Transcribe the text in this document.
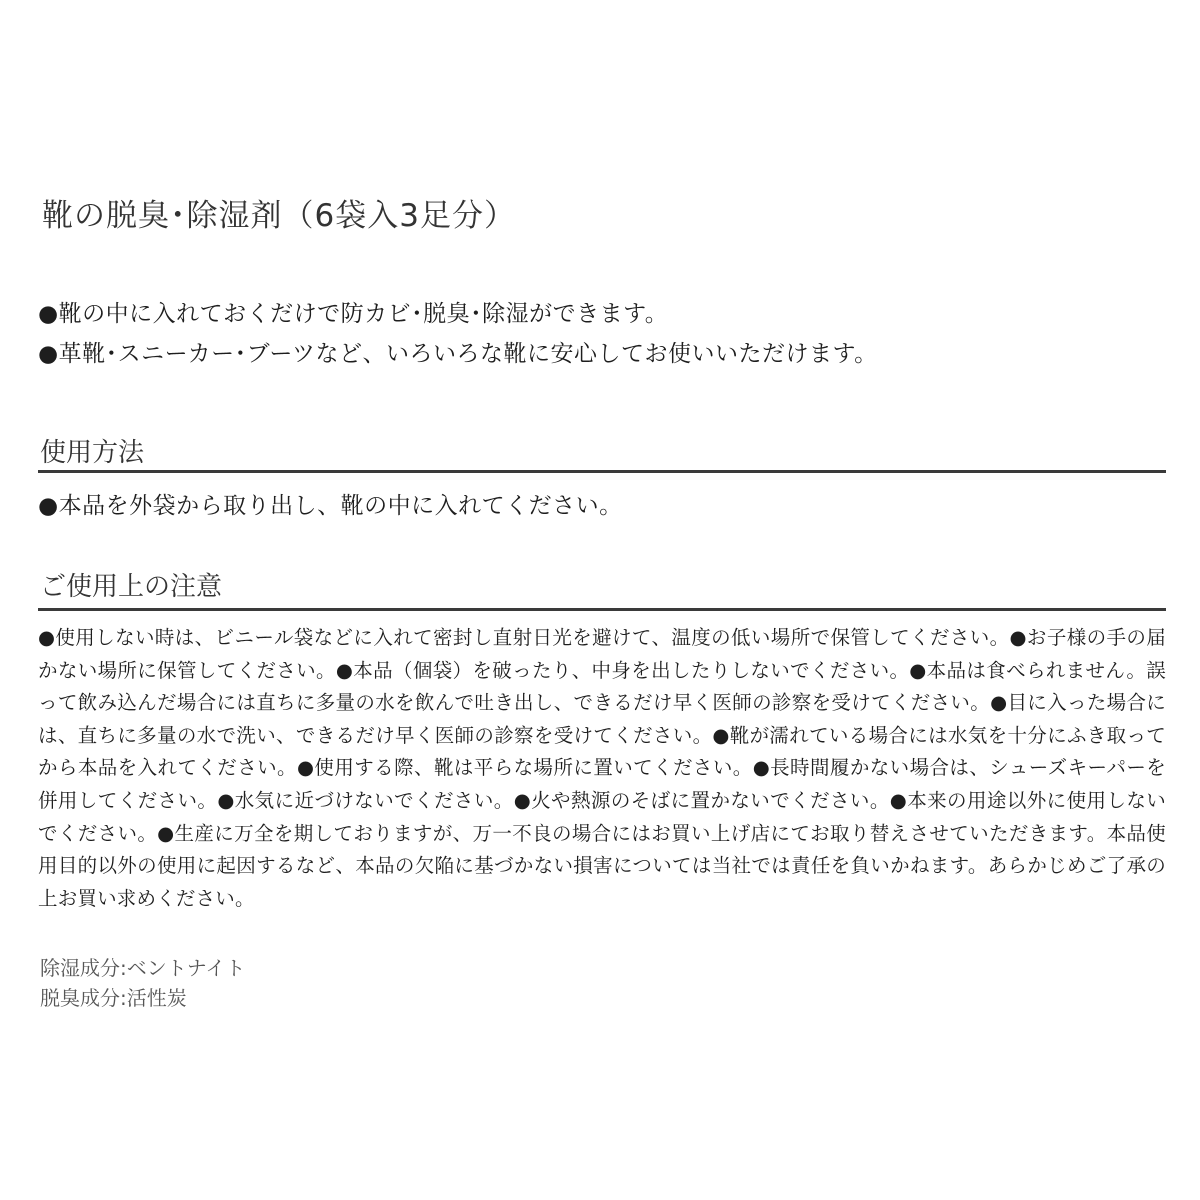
靴の脱臭･除湿剤（6袋入3足分）
●靴の中に入れておくだけで防カビ･脱臭･除湿ができます。
●革靴･スニーカー･ブーツなど、いろいろな靴に安心してお使いいただけます。
使用方法
●本品を外袋から取り出し、靴の中に入れてください。
ご使用上の注意
●使用しない時は、ビニール袋などに入れて密封し直射日光を避けて、温度の低い場所で保管してください。●お子様の手の届かない場所に保管してください。●本品（個袋）を破ったり、中身を出したりしないでください。●本品は食べられません。誤って飲み込んだ場合には直ちに多量の水を飲んで吐き出し、できるだけ早く医師の診察を受けてください。●目に入った場合には、直ちに多量の水で洗い、できるだけ早く医師の診察を受けてください。●靴が濡れている場合には水気を十分にふき取ってから本品を入れてください。●使用する際、靴は平らな場所に置いてください。●長時間履かない場合は、シューズキーパーを併用してください。●水気に近づけないでください。●火や熱源のそばに置かないでください。●本来の用途以外に使用しないでください。●生産に万全を期しておりますが、万一不良の場合にはお買い上げ店にてお取り替えさせていただきます。本品使用目的以外の使用に起因するなど、本品の欠陥に基づかない損害については当社では責任を負いかねます。あらかじめご了承の上お買い求めください。
除湿成分:ベントナイト
脱臭成分:活性炭
